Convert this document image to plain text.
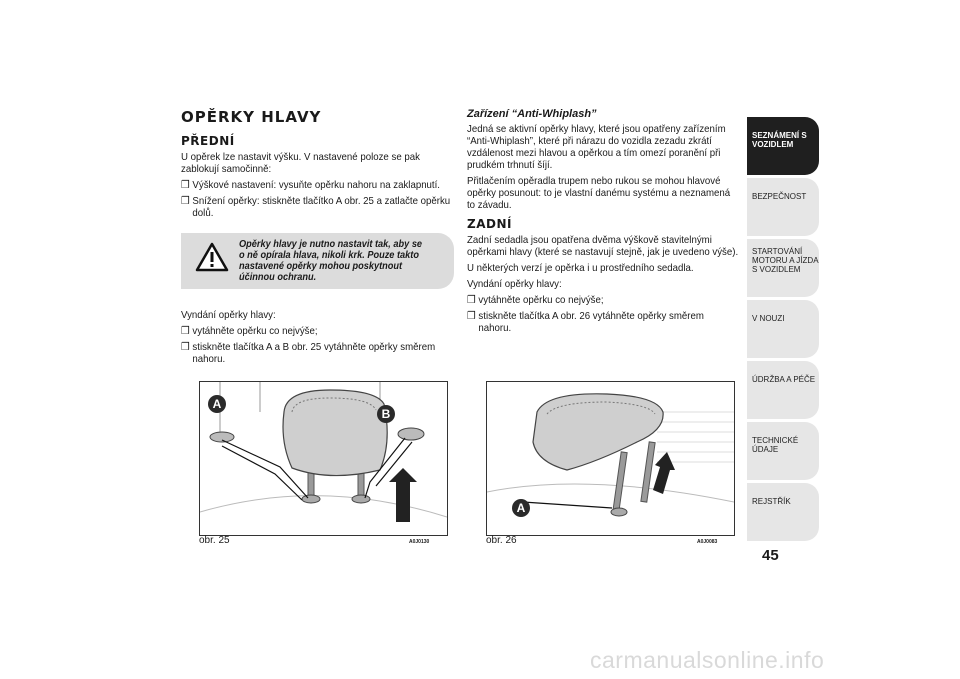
OPĚRKY HLAVY
PŘEDNÍ

U opěrek lze nastavit výšku. V nastavené poloze se pak zablokují samočinně:

❒ Výškové nastavení: vysuňte opěrku nahoru na zaklapnutí.

❒ Snížení opěrky: stiskněte tlačítko A obr. 25 a zatlačte opěrku dolů.

Opěrky hlavy je nutno nastavit tak, aby se o ně opírala hlava, nikoli krk. Pouze takto nastavené opěrky mohou poskytnout účinnou ochranu.

Vyndání opěrky hlavy:

❒ vytáhněte opěrku co nejvýše;

❒ stiskněte tlačítka A a B obr. 25 vytáhněte opěrky směrem nahoru.

Zařízení “Anti-Whiplash”

Jedná se aktivní opěrky hlavy, které jsou opatřeny zařízením “Anti-Whiplash”, které při nárazu do vozidla zezadu zkrátí vzdálenost mezi hlavou a opěrkou a tím omezí poranění při prudkém trhnutí šíjí.

Přitlačením opěradla trupem nebo rukou se mohou hlavové opěrky posunout: to je vlastní danému systému a neznamená to závadu.

ZADNÍ

Zadní sedadla jsou opatřena dvěma výškově stavitelnými opěrkami hlavy (které se nastavují stejně, jak je uvedeno výše).

U některých verzí je opěrka i u prostředního sedadla.

Vyndání opěrky hlavy:

❒ vytáhněte opěrku co nejvýše;

❒ stiskněte tlačítka A obr. 26 vytáhněte opěrky směrem nahoru.

A
B
obr. 25	A0J0130
A
obr. 26	A0J0083
SEZNÁMENÍ S VOZIDLEM
BEZPEČNOST
STARTOVÁNÍ MOTORU A JÍZDA S VOZIDLEM
V NOUZI
ÚDRŽBA A PÉČE
TECHNICKÉ ÚDAJE
REJSTŘÍK
45
carmanualsonline.info
